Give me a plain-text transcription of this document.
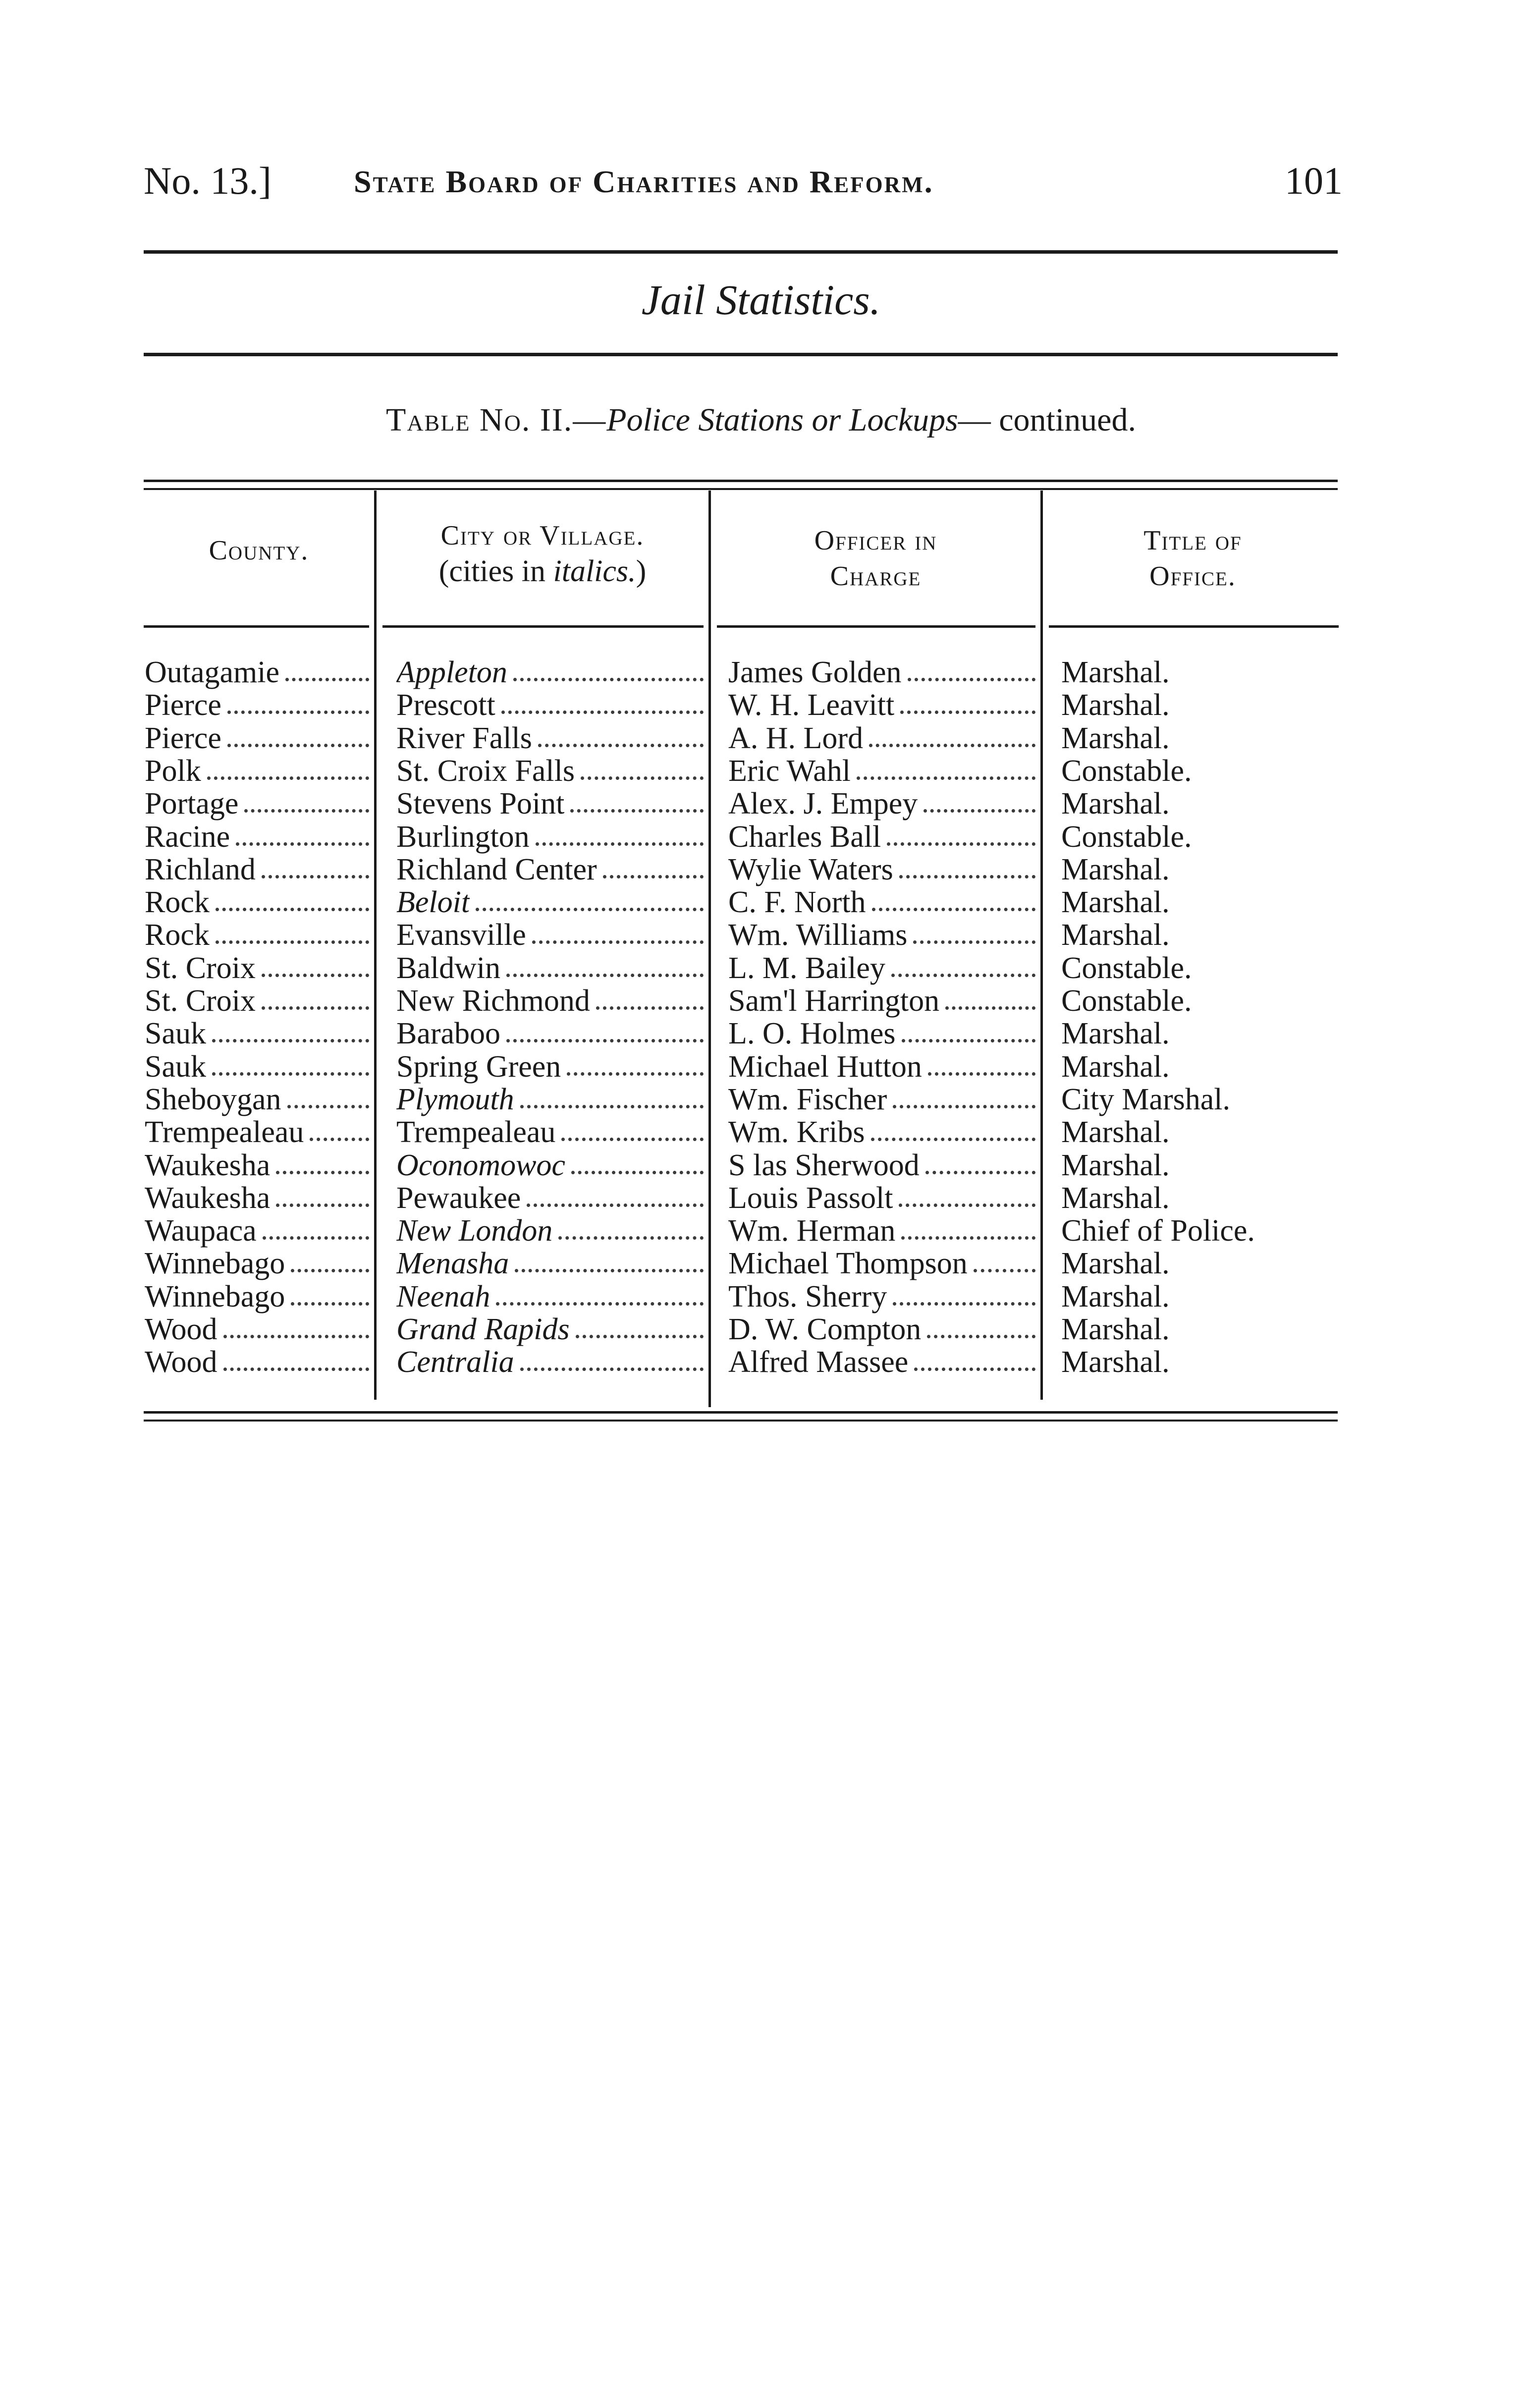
No. 13.]	State Board of Charities and Reform.	101
Jail Statistics.
Table No. II.—Police Stations or Lockups— continued.
County.	City or Village.
(cities in italics.)
Officer in
Charge
Title of
Office.
Outagamie	Appleton	James Golden	Marshal.
Pierce	Prescott	W. H. Leavitt	Marshal.
Pierce	River Falls	A. H. Lord	Marshal.
Polk	St. Croix Falls	Eric Wahl	Constable.
Portage	Stevens Point	Alex. J. Empey	Marshal.
Racine	Burlington	Charles Ball	Constable.
Richland	Richland Center	Wylie Waters	Marshal.
Rock	Beloit	C. F. North	Marshal.
Rock	Evansville	Wm. Williams	Marshal.
St. Croix	Baldwin	L. M. Bailey	Constable.
St. Croix	New Richmond	Sam'l Harrington	Constable.
Sauk	Baraboo	L. O. Holmes	Marshal.
Sauk	Spring Green	Michael Hutton	Marshal.
Sheboygan	Plymouth	Wm. Fischer	City Marshal.
Trempealeau	Trempealeau	Wm. Kribs	Marshal.
Waukesha	Oconomowoc	S las Sherwood	Marshal.
Waukesha	Pewaukee	Louis Passolt	Marshal.
Waupaca	New London	Wm. Herman	Chief of Police.
Winnebago	Menasha	Michael Thompson	Marshal.
Winnebago	Neenah	Thos. Sherry	Marshal.
Wood	Grand Rapids	D. W. Compton	Marshal.
Wood	Centralia	Alfred Massee	Marshal.
